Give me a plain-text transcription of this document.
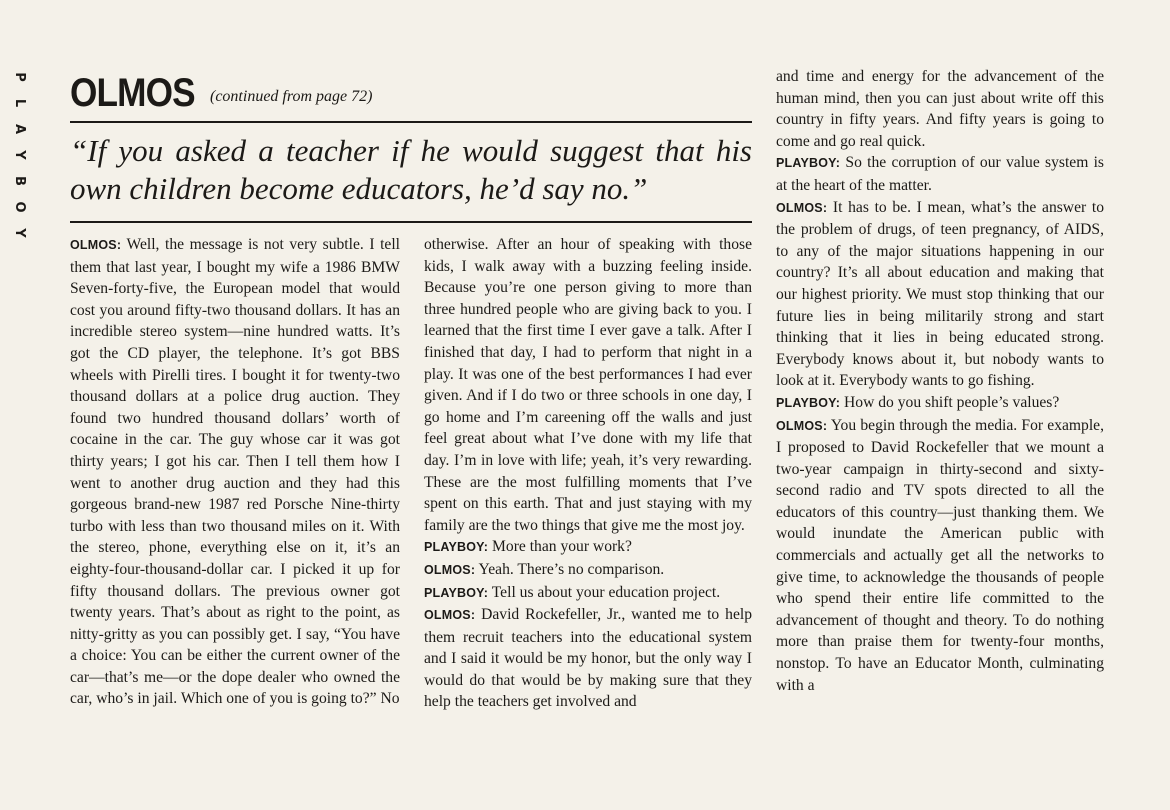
P
L
A
Y
B
O
Y
OLMOS (continued from page 72)
“If you asked a teacher if he would suggest that his own children become educators, he’d say no.”

OLMOS: Well, the message is not very subtle. I tell them that last year, I bought my wife a 1986 BMW Seven-forty-five, the European model that would cost you around fifty-two thousand dollars. It has an incredible stereo system—nine hundred watts. It’s got the CD player, the telephone. It’s got BBS wheels with Pirelli tires. I bought it for twenty-two thousand dollars at a police drug auction. They found two hundred thousand dollars’ worth of cocaine in the car. The guy whose car it was got thirty years; I got his car. Then I tell them how I went to another drug auction and they had this gorgeous brand-new 1987 red Porsche Nine-thirty turbo with less than two thousand miles on it. With the stereo, phone, everything else on it, it’s an eighty-four-thousand-dollar car. I picked it up for fifty thousand dollars. The previous owner got twenty years. That’s about as right to the point, as nitty-gritty as you can possibly get. I say, “You have a choice: You can be either the current owner of the car—that’s me—or the dope dealer who owned the car, who’s in jail. Which one of you is going to?” No

otherwise. After an hour of speaking with those kids, I walk away with a buzzing feeling inside. Because you’re one person giving to more than three hundred people who are giving back to you. I learned that the first time I ever gave a talk. After I finished that day, I had to perform that night in a play. It was one of the best performances I had ever given. And if I do two or three schools in one day, I go home and I’m careening off the walls and just feel great about what I’ve done with my life that day. I’m in love with life; yeah, it’s very rewarding. These are the most fulfilling moments that I’ve spent on this earth. That and just staying with my family are the two things that give me the most joy.

PLAYBOY: More than your work?

OLMOS: Yeah. There’s no comparison.

PLAYBOY: Tell us about your education project.

OLMOS: David Rockefeller, Jr., wanted me to help them recruit teachers into the educational system and I said it would be my honor, but the only way I would do that would be by making sure that they help the teachers get involved and

and time and energy for the advancement of the human mind, then you can just about write off this country in fifty years. And fifty years is going to come and go real quick.

PLAYBOY: So the corruption of our value system is at the heart of the matter.

OLMOS: It has to be. I mean, what’s the answer to the problem of drugs, of teen pregnancy, of AIDS, to any of the major situations happening in our country? It’s all about education and making that our highest priority. We must stop thinking that our future lies in being militarily strong and start thinking that it lies in being educated strong. Everybody knows about it, but nobody wants to look at it. Everybody wants to go fishing.

PLAYBOY: How do you shift people’s values?

OLMOS: You begin through the media. For example, I proposed to David Rockefeller that we mount a two-year campaign in thirty-second and sixty-second radio and TV spots directed to all the educators of this country—just thanking them. We would inundate the American public with commercials and actually get all the networks to give time, to acknowledge the thousands of people who spend their entire life committed to the advancement of thought and theory. To do nothing more than praise them for twenty-four months, nonstop. To have an Educator Month, culminating with a
